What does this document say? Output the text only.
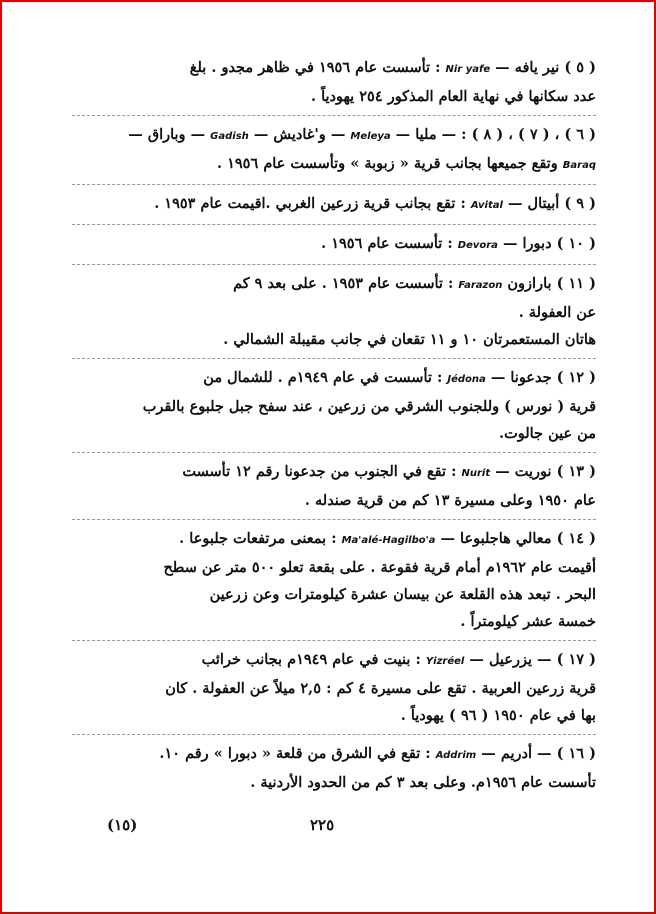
( ٥ ) نير يافه — Nir yafe : تأسست عام ١٩٥٦ في ظاهر مجدو . بلغ
عدد سكانها في نهاية العام المذكور ٢٥٤ يهودياً .
( ٦ ) ، ( ٧ ) ، ( ٨ ) : — مليا — Meleya — و'غاديش — Gadish — وباراق —
Baraq وتقع جميعها بجانب قرية « زبوبة » وتأسست عام ١٩٥٦ .
( ٩ ) أبيتال — Avital : تقع بجانب قرية زرعين الغربي .اقيمت عام ١٩٥٣ .
( ١٠ ) دبورا — Devora : تأسست عام ١٩٥٦ .
( ١١ ) بارازون Farazon : تأسست عام ١٩٥٣ . على بعد ٩ كم
عن العفولة .
هاتان المستعمرتان ١٠ و ١١ تقعان في جانب مقيبلة الشمالي .
( ١٢ ) جدعونا — Jédona : تأسست في عام ١٩٤٩م . للشمال من
قرية ( نورس ) وللجنوب الشرقي من زرعين ، عند سفح جبل جلبوع بالقرب
من عين جالوت.
( ١٣ ) نوريت — Nurit : تقع في الجنوب من جدعونا رقم ١٢ تأسست
عام ١٩٥٠ وعلى مسيرة ١٣ كم من قرية صندله .
( ١٤ ) معالي هاجلبوعا — Ma'alé-Hagilbo'a : بمعنى مرتفعات جلبوعا .
أقيمت عام ١٩٦٢م أمام قرية فقوعة . على بقعة تعلو ٥٠٠ متر عن سطح
البحر . تبعد هذه القلعة عن بيسان عشرة كيلومترات وعن زرعين
خمسة عشر كيلومتراً .
( ١٧ ) — يزرعيل — Yizréel : بنيت في عام ١٩٤٩م بجانب خرائب
قرية زرعين العربية . تقع على مسيرة ٤ كم : ٢,٥ ميلاً عن العفولة . كان
بها في عام ١٩٥٠ ( ٩٦ ) يهودياً .
( ١٦ ) — أدريم — Addrim : تقع في الشرق من قلعة « دبورا » رقم ١٠.
تأسست عام ١٩٥٦م. وعلى بعد ٣ كم من الحدود الأردنية .
٢٢٥
(١٥)
